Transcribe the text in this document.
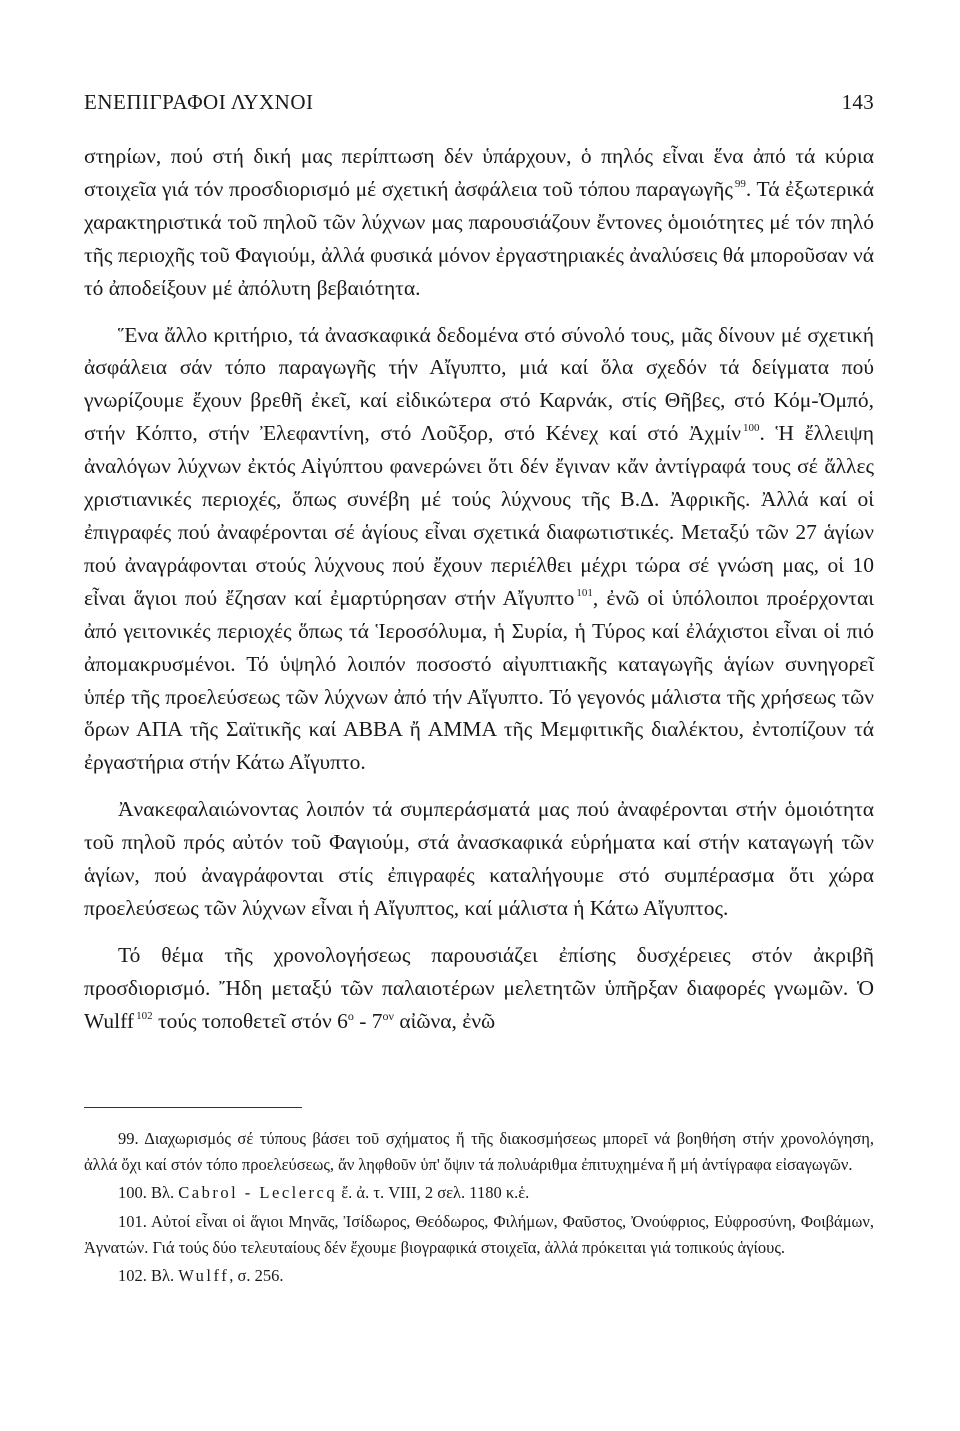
ΕΝΕΠΙΓΡΑΦΟΙ ΛΥΧΝΟΙ	143

στηρίων, πού στή δική μας περίπτωση δέν ὑπάρχουν, ὁ πηλός εἶναι ἕνα ἀπό τά κύρια στοιχεῖα γιά τόν προσδιορισμό μέ σχετική ἀσφάλεια τοῦ τόπου παραγωγῆς $^{99}$. Τά ἐξωτερικά χαρακτηριστικά τοῦ πηλοῦ τῶν λύχνων μας παρουσιάζουν ἔντονες ὁμοιότητες μέ τόν πηλό τῆς περιοχῆς τοῦ Φαγιούμ, ἀλλά φυσικά μόνον ἐργαστηριακές ἀναλύσεις θά μποροῦσαν νά τό ἀποδείξουν μέ ἀπόλυτη βεβαιότητα.

Ἕνα ἄλλο κριτήριο, τά ἀνασκαφικά δεδομένα στό σύνολό τους, μᾶς δίνουν μέ σχετική ἀσφάλεια σάν τόπο παραγωγῆς τήν Αἴγυπτο, μιά καί ὅλα σχεδόν τά δείγματα πού γνωρίζουμε ἔχουν βρεθῆ ἐκεῖ, καί εἰδικώτερα στό Καρνάκ, στίς Θῆβες, στό Κόμ-Ὀμπό, στήν Κόπτο, στήν Ἐλεφαντίνη, στό Λοῦξορ, στό Κένεχ καί στό Ἀχμίν $^{100}$. Ἡ ἔλλειψη ἀναλόγων λύχνων ἐκτός Αἰγύπτου φανερώνει ὅτι δέν ἔγιναν κἄν ἀντίγραφά τους σέ ἄλλες χριστιανικές περιοχές, ὅπως συνέβη μέ τούς λύχνους τῆς Β.Δ. Ἀφρικῆς. Ἀλλά καί οἱ ἐπιγραφές πού ἀναφέρονται σέ ἁγίους εἶναι σχετικά διαφωτιστικές. Μεταξύ τῶν 27 ἁγίων πού ἀναγράφονται στούς λύχνους πού ἔχουν περιέλθει μέχρι τώρα σέ γνώση μας, οἱ 10 εἶναι ἅγιοι πού ἔζησαν καί ἐμαρτύρησαν στήν Αἴγυπτο $^{101}$, ἐνῶ οἱ ὑπόλοιποι προέρχονται ἀπό γειτονικές περιοχές ὅπως τά Ἱεροσόλυμα, ἡ Συρία, ἡ Τύρος καί ἐλάχιστοι εἶναι οἱ πιό ἀπομακρυσμένοι. Τό ὑψηλό λοιπόν ποσοστό αἰγυπτιακῆς καταγωγῆς ἁγίων συνηγορεῖ ὑπέρ τῆς προελεύσεως τῶν λύχνων ἀπό τήν Αἴγυπτο. Τό γεγονός μάλιστα τῆς χρήσεως τῶν ὅρων ΑΠΑ τῆς Σαϊτικῆς καί ΑΒΒΑ ἤ ΑΜΜΑ τῆς Μεμφιτικῆς διαλέκτου, ἐντοπίζουν τά ἐργαστήρια στήν Κάτω Αἴγυπτο.

Ἀνακεφαλαιώνοντας λοιπόν τά συμπεράσματά μας πού ἀναφέρονται στήν ὁμοιότητα τοῦ πηλοῦ πρός αὐτόν τοῦ Φαγιούμ, στά ἀνασκαφικά εὑρήματα καί στήν καταγωγή τῶν ἁγίων, πού ἀναγράφονται στίς ἐπιγραφές καταλήγουμε στό συμπέρασμα ὅτι χώρα προελεύσεως τῶν λύχνων εἶναι ἡ Αἴγυπτος, καί μάλιστα ἡ Κάτω Αἴγυπτος.

Τό θέμα τῆς χρονολογήσεως παρουσιάζει ἐπίσης δυσχέρειες στόν ἀκριβῆ προσδιορισμό. Ἤδη μεταξύ τῶν παλαιοτέρων μελετητῶν ὑπῆρξαν διαφορές γνωμῶν. Ὁ Wulff $^{102}$ τούς τοποθετεῖ στόν $6^o - 7^{o\nu}$ αἰῶνα, ἐνῶ

99. Διαχωρισμός σέ τύπους βάσει τοῦ σχήματος ἤ τῆς διακοσμήσεως μπορεῖ νά βοηθήση στήν χρονολόγηση, ἀλλά ὄχι καί στόν τόπο προελεύσεως, ἄν ληφθοῦν ὑπ' ὄψιν τά πολυάριθμα ἐπιτυχημένα ἤ μή ἀντίγραφα εἰσαγωγῶν.

100. Βλ. Cabrol - Leclercq ἔ. ἀ. τ. VIII, 2 σελ. 1180 κ.ἑ.

101. Αὐτοί εἶναι οἱ ἅγιοι Μηνᾶς, Ἰσίδωρος, Θεόδωρος, Φιλήμων, Φαῦστος, Ὀνούφριος, Εὐφροσύνη, Φοιβάμων, Ἀγνατών. Γιά τούς δύο τελευταίους δέν ἔχουμε βιογραφικά στοιχεῖα, ἀλλά πρόκειται γιά τοπικούς ἁγίους.

102. Βλ. Wulff, σ. 256.
